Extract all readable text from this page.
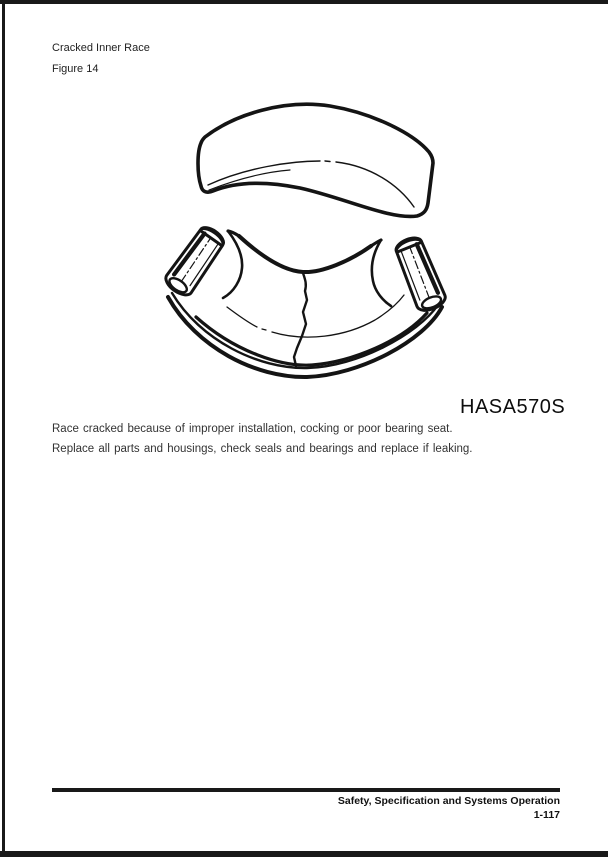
Cracked Inner Race
Figure 14
HASA570S
Race cracked because of improper installation, cocking or poor bearing seat.
Replace all parts and housings, check seals and bearings and replace if leaking.
Safety, Specification and Systems Operation
1-117
